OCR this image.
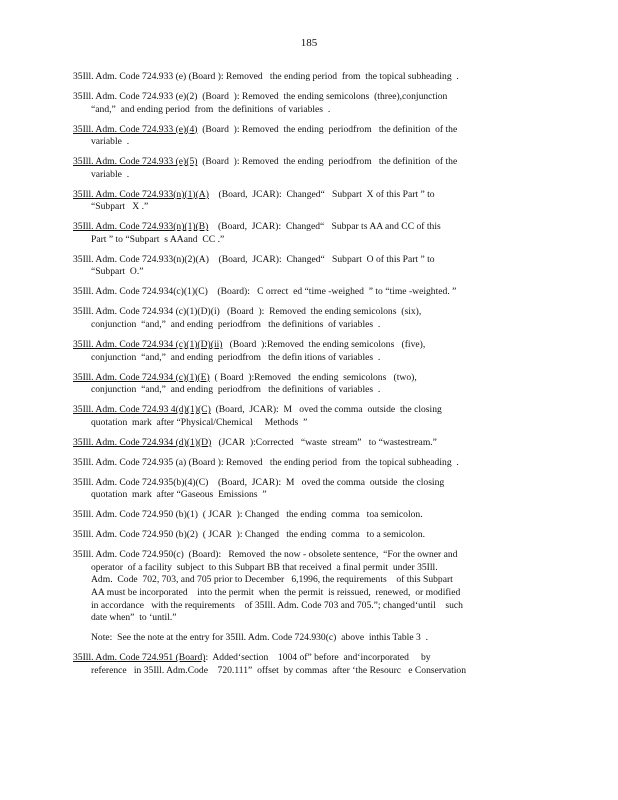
185
35Ill. Adm. Code 724.933 (e) (Board ): Removed   the ending period  from  the topical subheading  .
35Ill. Adm. Code 724.933 (e)(2)  (Board  ): Removed  the ending semicolons  (three),conjunction
“and,”  and ending period  from  the definitions  of variables  .
35Ill. Adm. Code 724.933 (e)(4)  (Board  ): Removed  the ending  periodfrom   the definition  of the
variable  .
35Ill. Adm. Code 724.933 (e)(5)  (Board  ): Removed  the ending  periodfrom   the definition  of the
variable  .
35Ill. Adm. Code 724.933(n)(1)(A)    (Board,  JCAR):  Changed“   Subpart  X of this Part ” to
“Subpart   X .”
35Ill. Adm. Code 724.933(n)(1)(B)    (Board,  JCAR):  Changed“   Subpar ts AA and CC of this
Part ” to “Subpart  s AAand  CC .”
35Ill. Adm. Code 724.933(n)(2)(A)    (Board,  JCAR):  Changed“   Subpart  O of this Part ” to
“Subpart  O.”
35Ill. Adm. Code 724.934(c)(1)(C)    (Board):   C orrect  ed “time -weighed  ” to “time -weighted. ”
35Ill. Adm. Code 724.934 (c)(1)(D)(i)   (Board  ):  Removed  the ending semicolons  (six),
conjunction  “and,”  and ending  periodfrom   the definitions  of variables  .
35Ill. Adm. Code 724.934 (c)(1)(D)(ii)   (Board  ):Removed  the ending semicolons   (five),
conjunction  “and,”  and ending  periodfrom   the defin itions of variables  .
35Ill. Adm. Code 724.934 (c)(1)(E)  ( Board  ):Removed   the ending  semicolons   (two),
conjunction  “and,”  and ending  periodfrom   the definitions  of variables  .
35Ill. Adm. Code 724.93 4(d)(1)(C)  (Board,  JCAR):  M   oved the comma  outside  the closing
quotation  mark  after “Physical/Chemical     Methods  ”
35Ill. Adm. Code 724.934 (d)(1)(D)   (JCAR  ):Corrected   “waste  stream”   to “wastestream.”
35Ill. Adm. Code 724.935 (a) (Board ): Removed   the ending period  from  the topical subheading  .
35Ill. Adm. Code 724.935(b)(4)(C)    (Board,  JCAR):  M   oved the comma  outside  the closing
quotation  mark  after “Gaseous  Emissions  ”
35Ill. Adm. Code 724.950 (b)(1)  ( JCAR  ): Changed   the ending  comma   toa semicolon.
35Ill. Adm. Code 724.950 (b)(2)  ( JCAR  ): Changed   the ending  comma   to a semicolon.
35Ill. Adm. Code 724.950(c)  (Board):   Removed  the now - obsolete sentence,  “For the owner and
operator  of a facility  subject  to this Subpart BB that received  a final permit  under 35Ill.
Adm.  Code  702, 703, and 705 prior to December   6,1996, the requirements    of this Subpart
AA must be incorporated    into the permit  when  the permit  is reissued,  renewed,  or modified
in accordance   with the requirements    of 35Ill. Adm. Code 703 and 705.”; changed‘until    such
date when”  to ‘until.”
Note:  See the note at the entry for 35Ill. Adm. Code 724.930(c)  above  inthis Table 3  .
35Ill. Adm. Code 724.951 (Board):  Added‘section    1004 of” before  and‘incorporated     by
reference   in 35Ill. Adm.Code    720.111”  offset  by commas  after ‘the Resourc   e Conservation
